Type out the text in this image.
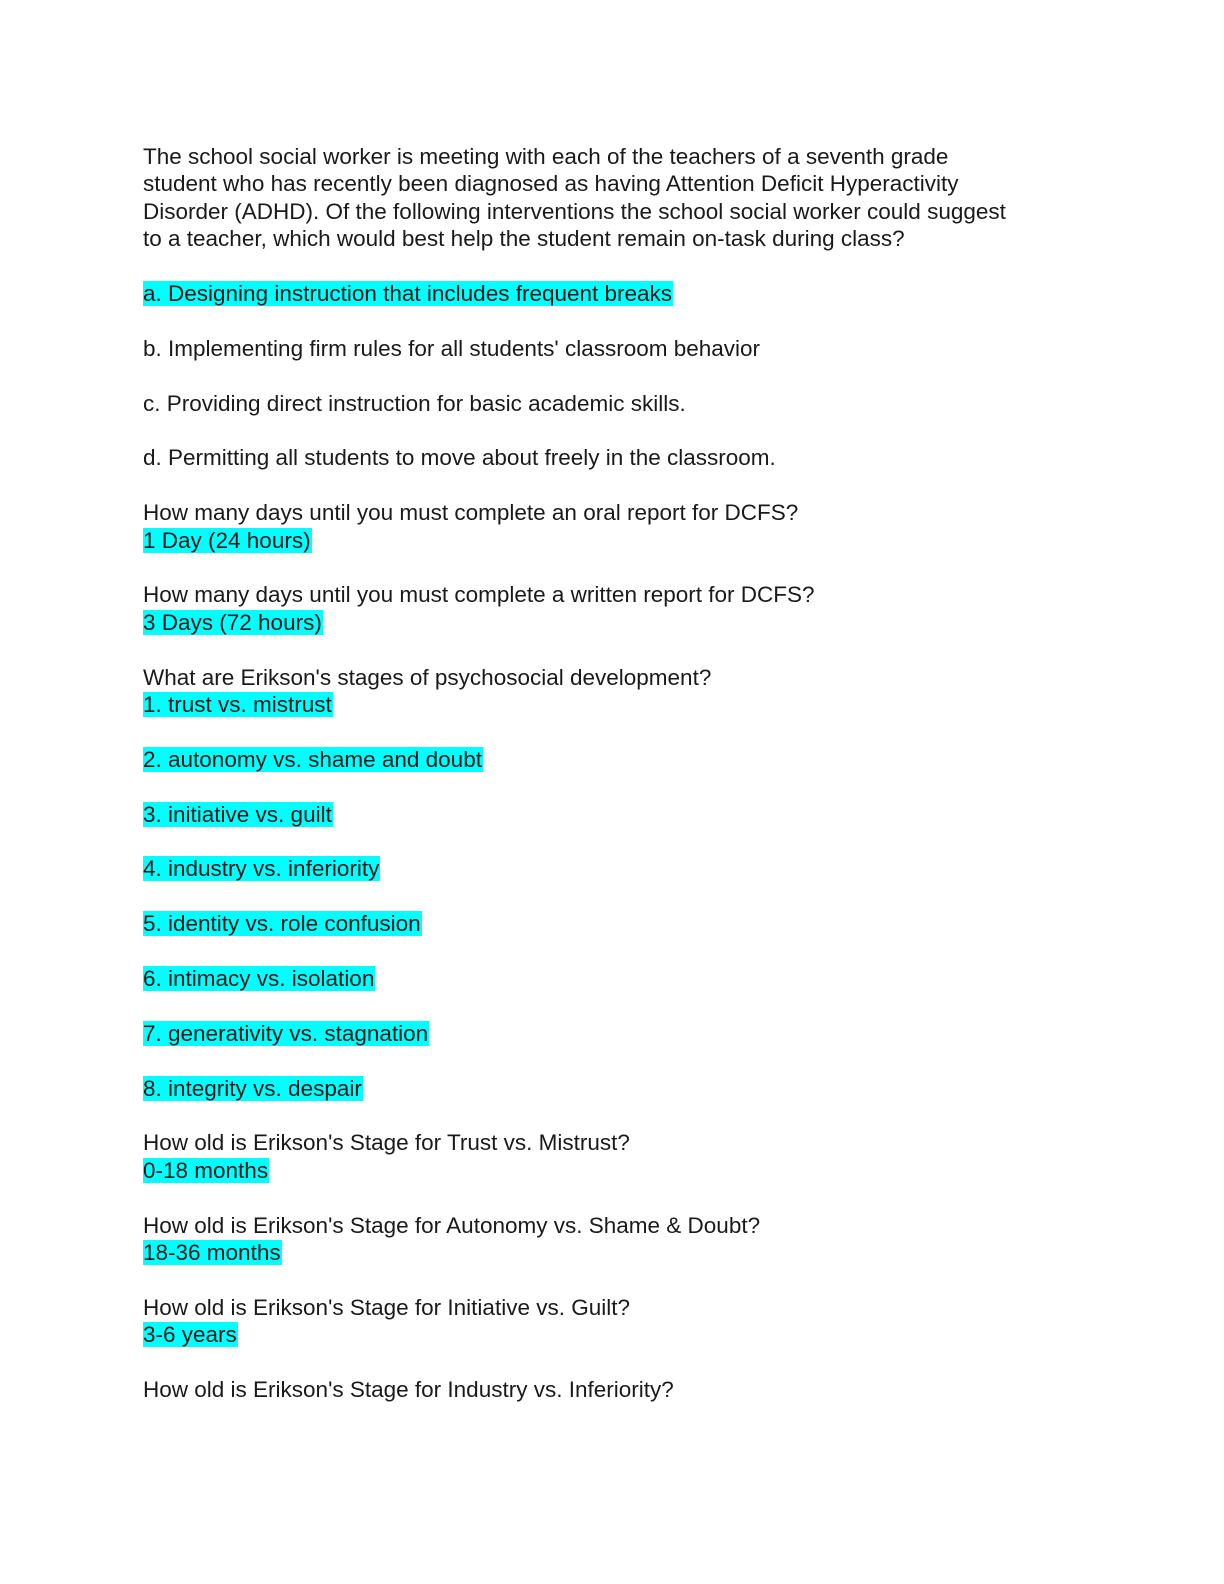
The school social worker is meeting with each of the teachers of a seventh grade

student who has recently been diagnosed as having Attention Deficit Hyperactivity

Disorder (ADHD). Of the following interventions the school social worker could suggest

to a teacher, which would best help the student remain on-task during class?

a. Designing instruction that includes frequent breaks

b. Implementing firm rules for all students' classroom behavior

c. Providing direct instruction for basic academic skills.

d. Permitting all students to move about freely in the classroom.

How many days until you must complete an oral report for DCFS?

1 Day (24 hours)

How many days until you must complete a written report for DCFS?

3 Days (72 hours)

What are Erikson's stages of psychosocial development?

1. trust vs. mistrust

2. autonomy vs. shame and doubt

3. initiative vs. guilt

4. industry vs. inferiority

5. identity vs. role confusion

6. intimacy vs. isolation

7. generativity vs. stagnation

8. integrity vs. despair

How old is Erikson's Stage for Trust vs. Mistrust?

0-18 months

How old is Erikson's Stage for Autonomy vs. Shame & Doubt?

18-36 months

How old is Erikson's Stage for Initiative vs. Guilt?

3-6 years

How old is Erikson's Stage for Industry vs. Inferiority?
